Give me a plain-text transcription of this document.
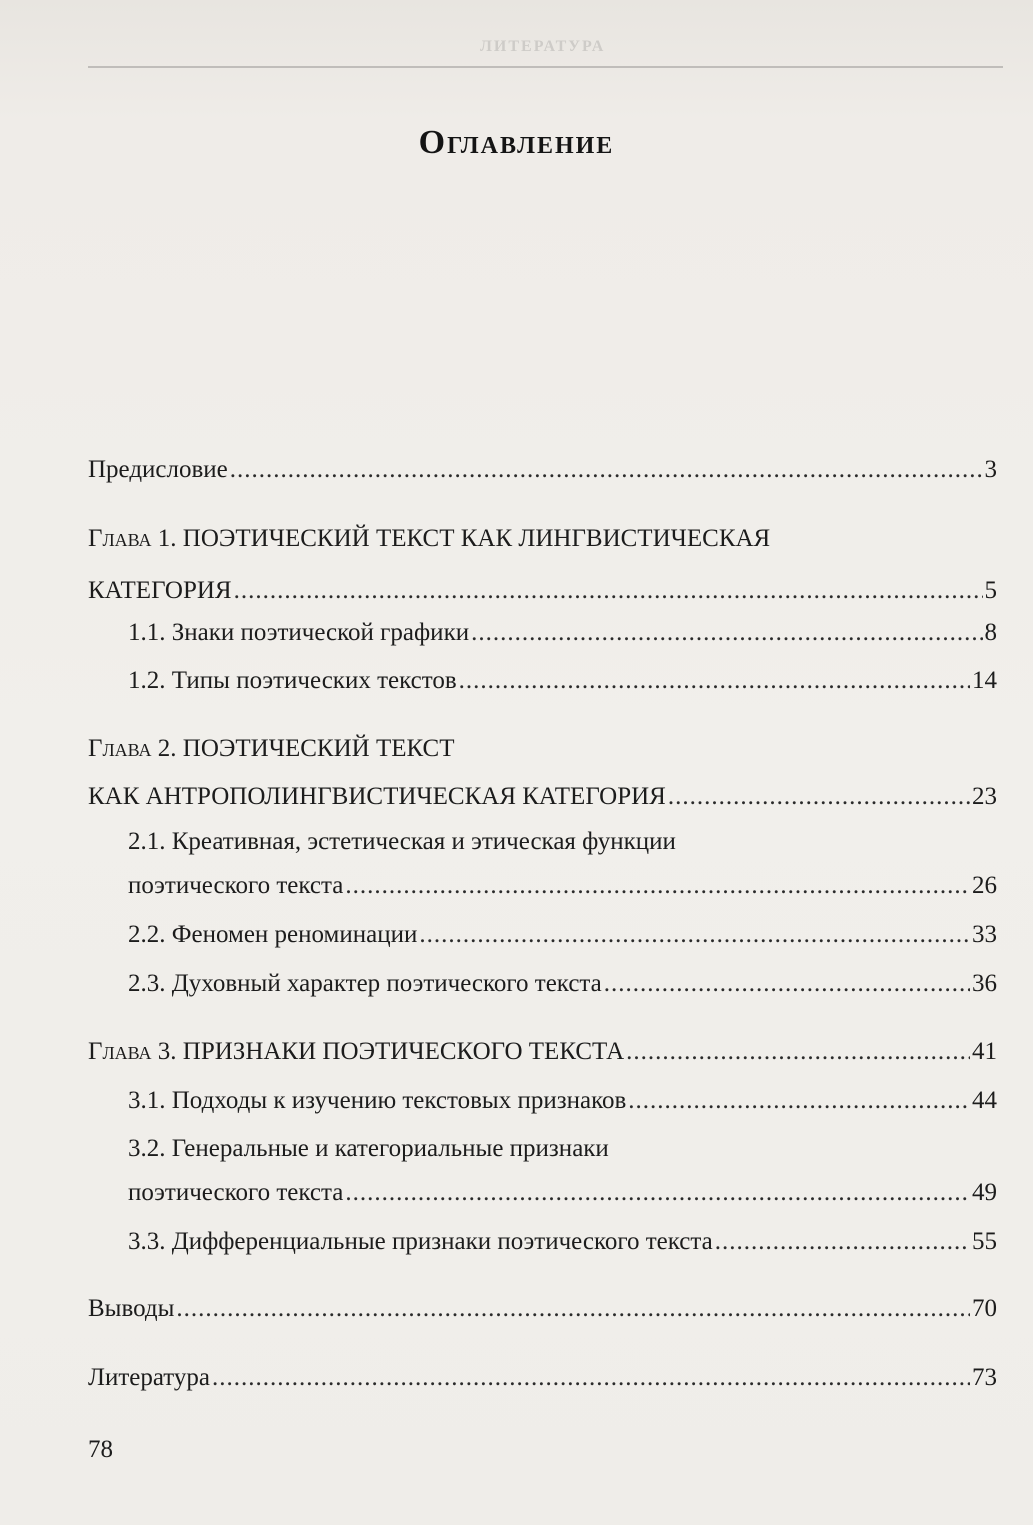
ЛИТЕРАТУРА
Оглавление
Предисловие .....	3
Глава 1. ПОЭТИЧЕСКИЙ ТЕКСТ КАК ЛИНГВИСТИЧЕСКАЯ
КАТЕГОРИЯ .....	5
1.1. Знаки поэтической графики .....	8
1.2. Типы поэтических текстов .....	14
Глава 2. ПОЭТИЧЕСКИЙ ТЕКСТ
КАК АНТРОПОЛИНГВИСТИЧЕСКАЯ КАТЕГОРИЯ .....	23
2.1. Креативная, эстетическая и этическая функции
поэтического текста .....	26
2.2. Феномен реноминации .....	33
2.3. Духовный характер поэтического текста .....	36
Глава 3. ПРИЗНАКИ ПОЭТИЧЕСКОГО ТЕКСТА .....	41
3.1. Подходы к изучению текстовых признаков .....	44
3.2. Генеральные и категориальные признаки
поэтического текста .....	49
3.3. Дифференциальные признаки поэтического текста .....	55
Выводы .....	70
Литература .....	73
78
